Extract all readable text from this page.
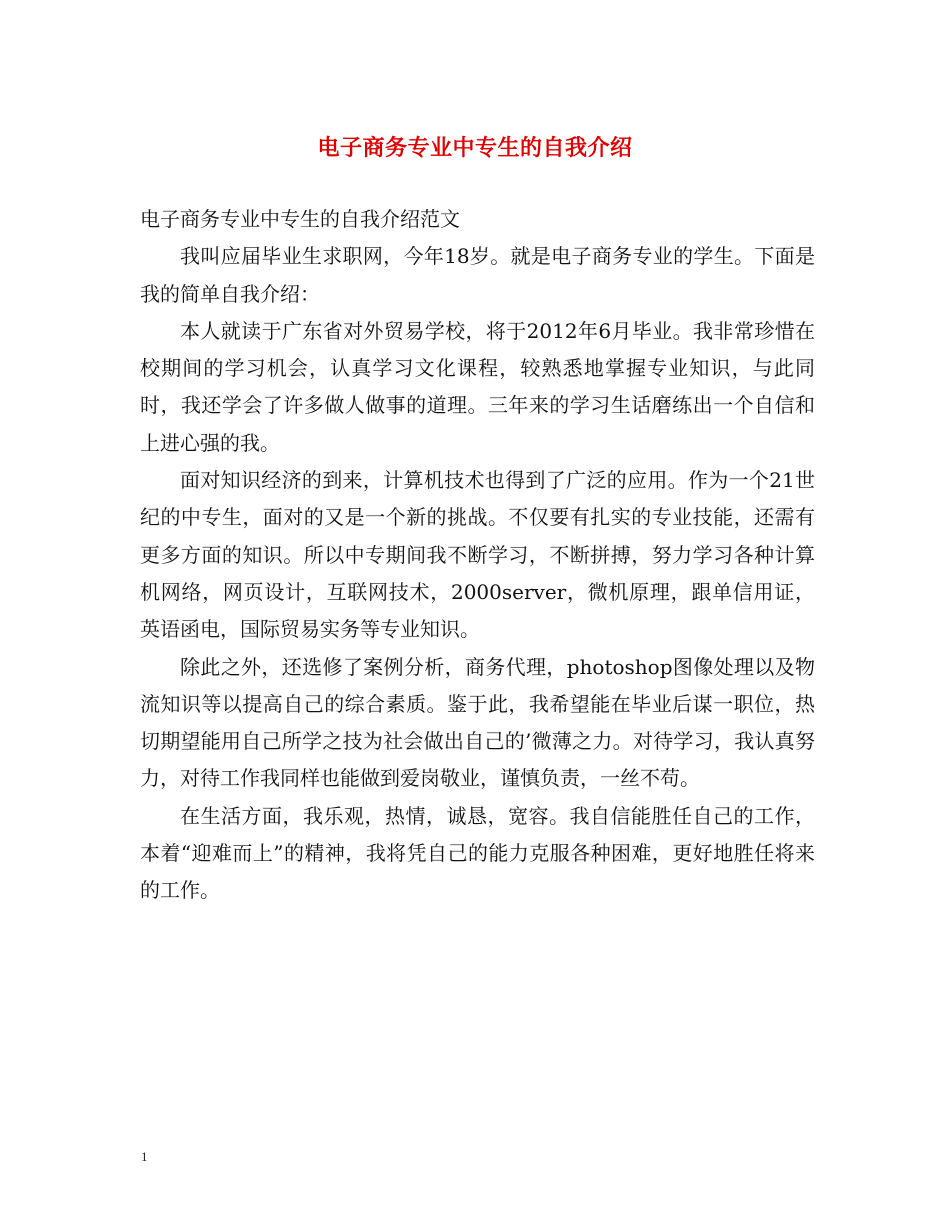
电子商务专业中专生的自我介绍

电子商务专业中专生的自我介绍范文

我叫应届毕业生求职网，今年18岁。就是电子商务专业的学生。下面是我的简单自我介绍：

本人就读于广东省对外贸易学校，将于2012年6月毕业。我非常珍惜在校期间的学习机会，认真学习文化课程，较熟悉地掌握专业知识，与此同时，我还学会了许多做人做事的道理。三年来的学习生话磨练出一个自信和上进心强的我。

面对知识经济的到来，计算机技术也得到了广泛的应用。作为一个21世纪的中专生，面对的又是一个新的挑战。不仅要有扎实的专业技能，还需有更多方面的知识。所以中专期间我不断学习，不断拼搏，努力学习各种计算机网络，网页设计，互联网技术，2000server，微机原理，跟单信用证，英语函电，国际贸易实务等专业知识。

除此之外，还选修了案例分析，商务代理，photoshop图像处理以及物流知识等以提高自己的综合素质。鉴于此，我希望能在毕业后谋一职位，热切期望能用自己所学之技为社会做出自己的’微薄之力。对待学习，我认真努力，对待工作我同样也能做到爱岗敬业，谨慎负责，一丝不苟。

在生活方面，我乐观，热情，诚恳，宽容。我自信能胜任自己的工作，本着“迎难而上”的精神，我将凭自己的能力克服各种困难，更好地胜任将来的工作。

1
